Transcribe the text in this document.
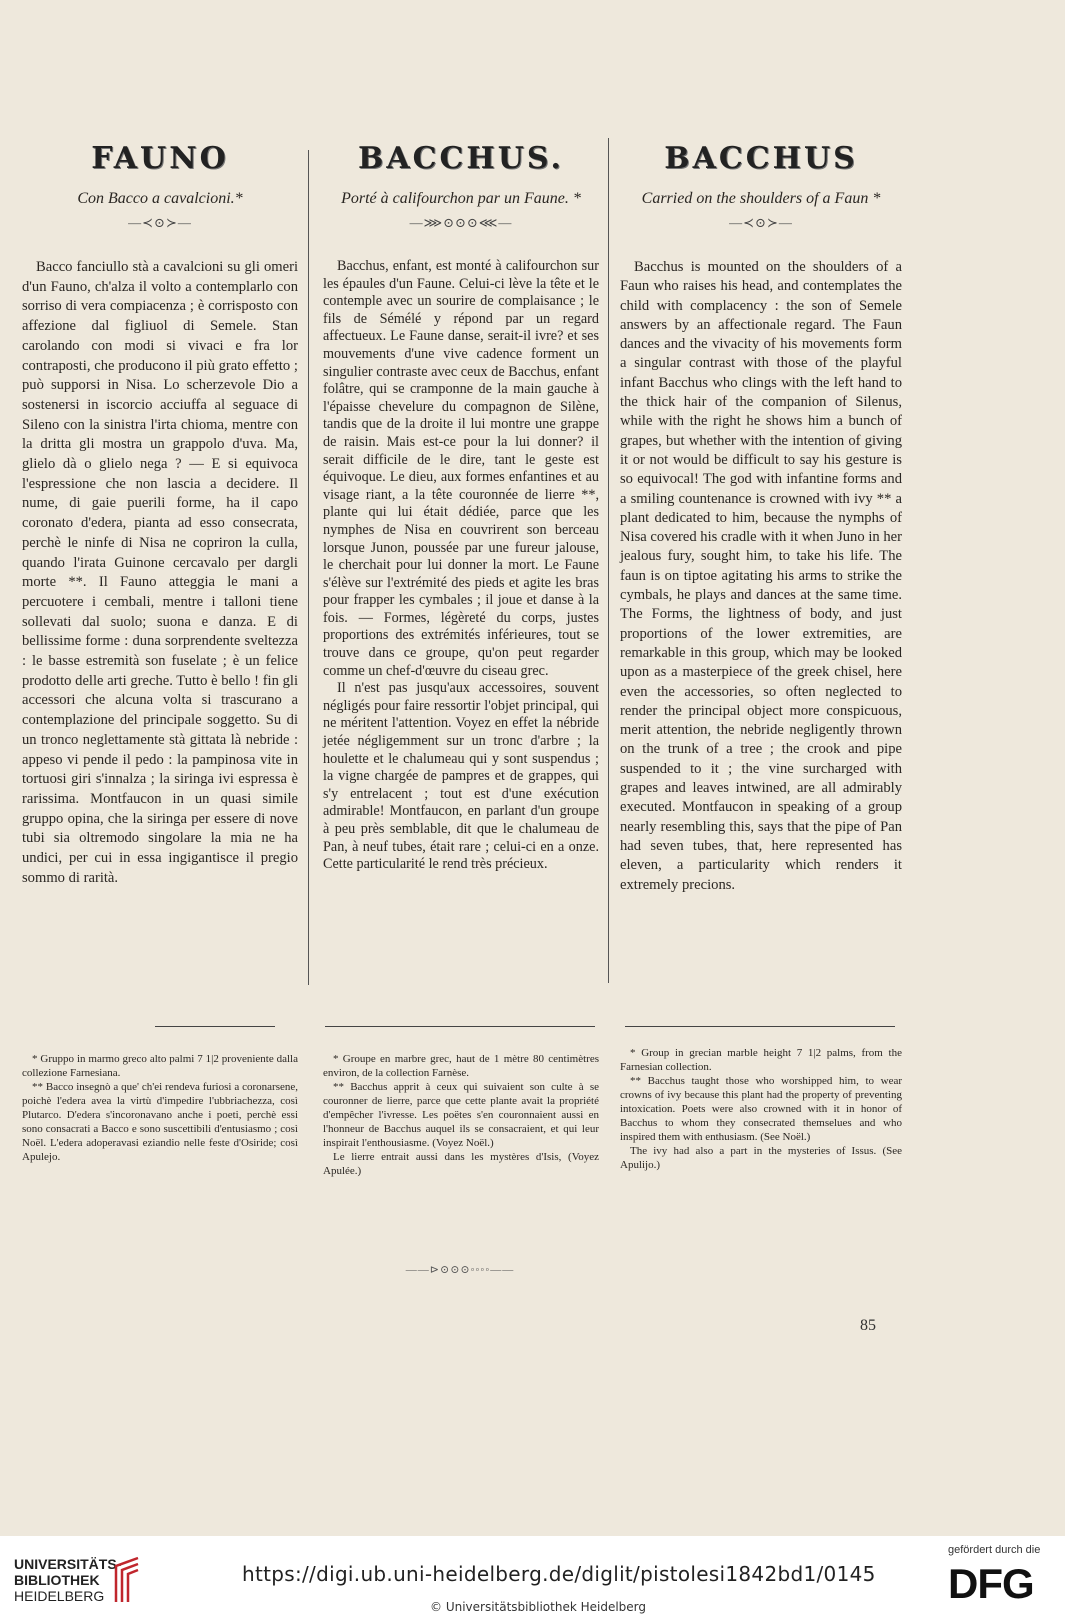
FAUNO
Con Bacco a cavalcioni.*
—≺⊙≻—

Bacco fanciullo stà a cavalcioni su gli omeri d'un Fauno, ch'alza il volto a contemplarlo con sorriso di vera compiacenza ; è corrisposto con affezione dal figliuol di Semele. Stan carolando con modi si vivaci e fra lor contraposti, che producono il più grato effetto ; può supporsi in Nisa. Lo scherzevole Dio a sostenersi in iscorcio acciuffa al seguace di Sileno con la sinistra l'irta chioma, mentre con la dritta gli mostra un grappolo d'uva. Ma, glielo dà o glielo nega ? — E si equivoca l'espressione che non lascia a decidere. Il nume, di gaie puerili forme, ha il capo coronato d'edera, pianta ad esso consecrata, perchè le ninfe di Nisa ne copriron la culla, quando l'irata Guinone cercavalo per dargli morte **. Il Fauno atteggia le mani a percuotere i cembali, mentre i talloni tiene sollevati dal suolo; suona e danza. E di bellissime forme : duna sorprendente sveltezza : le basse estremità son fuselate ; è un felice prodotto delle arti greche. Tutto è bello ! fin gli accessori che alcuna volta si trascurano a contemplazione del principale soggetto. Su di un tronco neglettamente stà gittata là nebride : appeso vi pende il pedo : la pampinosa vite in tortuosi giri s'innalza ; la siringa ivi espressa è rarissima. Montfaucon in un quasi simile gruppo opina, che la siringa per essere di nove tubi sia oltremodo singolare la mia ne ha undici, per cui in essa ingigantisce il pregio sommo di rarità.

BACCHUS.
Porté à califourchon par un Faune. *
—⋙⊙⊙⊙⋘—

Bacchus, enfant, est monté à califourchon sur les épaules d'un Faune. Celui-ci lève la tête et le contemple avec un sourire de complaisance ; le fils de Sémélé y répond par un regard affectueux. Le Faune danse, serait-il ivre? et ses mouvements d'une vive cadence forment un singulier contraste avec ceux de Bacchus, enfant folâtre, qui se cramponne de la main gauche à l'épaisse chevelure du compagnon de Silène, tandis que de la droite il lui montre une grappe de raisin. Mais est-ce pour la lui donner? il serait difficile de le dire, tant le geste est équivoque. Le dieu, aux formes enfantines et au visage riant, a la tête couronnée de lierre **, plante qui lui était dédiée, parce que les nymphes de Nisa en couvrirent son berceau lorsque Junon, poussée par une fureur jalouse, le cherchait pour lui donner la mort. Le Faune s'élève sur l'extrémité des pieds et agite les bras pour frapper les cymbales ; il joue et danse à la fois. — Formes, légèreté du corps, justes proportions des extrémités inférieures, tout se trouve dans ce groupe, qu'on peut regarder comme un chef-d'œuvre du ciseau grec.

Il n'est pas jusqu'aux accessoires, souvent négligés pour faire ressortir l'objet principal, qui ne méritent l'attention. Voyez en effet la nébride jetée négligemment sur un tronc d'arbre ; la houlette et le chalumeau qui y sont suspendus ; la vigne chargée de pampres et de grappes, qui s'y entrelacent ; tout est d'une exécution admirable! Montfaucon, en parlant d'un groupe à peu près semblable, dit que le chalumeau de Pan, à neuf tubes, était rare ; celui-ci en a onze. Cette particularité le rend très précieux.

BACCHUS
Carried on the shoulders of a Faun *
—≺⊙≻—

Bacchus is mounted on the shoulders of a Faun who raises his head, and contemplates the child with complacency : the son of Semele answers by an affectionale regard. The Faun dances and the vivacity of his movements form a singular contrast with those of the playful infant Bacchus who clings with the left hand to the thick hair of the companion of Silenus, while with the right he shows him a bunch of grapes, but whether with the intention of giving it or not would be difficult to say his gesture is so equivocal! The god with infantine forms and a smiling countenance is crowned with ivy ** a plant dedicated to him, because the nymphs of Nisa covered his cradle with it when Juno in her jealous fury, sought him, to take his life. The faun is on tiptoe agitating his arms to strike the cymbals, he plays and dances at the same time. The Forms, the lightness of body, and just proportions of the lower extremities, are remarkable in this group, which may be looked upon as a masterpiece of the greek chisel, here even the accessories, so often neglected to render the principal object more conspicuous, merit attention, the nebride negligently thrown on the trunk of a tree ; the crook and pipe suspended to it ; the vine surcharged with grapes and leaves intwined, are all admirably executed. Montfaucon in speaking of a group nearly resembling this, says that the pipe of Pan had seven tubes, that, here represented has eleven, a particularity which renders it extremely precions.

* Gruppo in marmo greco alto palmi 7 1|2 proveniente dalla collezione Farnesiana.

** Bacco insegnò a que' ch'ei rendeva furiosi a coronarsene, poichè l'edera avea la virtù d'impedire l'ubbriachezza, così Plutarco. D'edera s'incoronavano anche i poeti, perchè essi sono consacrati a Bacco e sono suscettibili d'entusiasmo ; così Noël. L'edera adoperavasi eziandio nelle feste d'Osiride; così Apulejo.

* Groupe en marbre grec, haut de 1 mètre 80 centimètres environ, de la collection Farnèse.

** Bacchus apprit à ceux qui suivaient son culte à se couronner de lierre, parce que cette plante avait la propriété d'empêcher l'ivresse. Les poëtes s'en couronnaient aussi en l'honneur de Bacchus auquel ils se consacraient, et qui leur inspirait l'enthousiasme. (Voyez Noël.)

Le lierre entrait aussi dans les mystères d'Isis, (Voyez Apulée.)

* Group in grecian marble height 7 1|2 palms, from the Farnesian collection.

** Bacchus taught those who worshipped him, to wear crowns of ivy because this plant had the property of preventing intoxication. Poets were also crowned with it in honor of Bacchus to whom they consecrated themselues and who inspired them with enthusiasm. (See Noël.)

The ivy had also a part in the mysteries of Issus. (See Apulijo.)

——⊳⊙⊙⊙◦◦◦◦——
85
UNIVERSITÄTS-
BIBLIOTHEK
HEIDELBERG
https://digi.ub.uni-heidelberg.de/diglit/pistolesi1842bd1/0145
© Universitätsbibliothek Heidelberg
gefördert durch die
DFG
